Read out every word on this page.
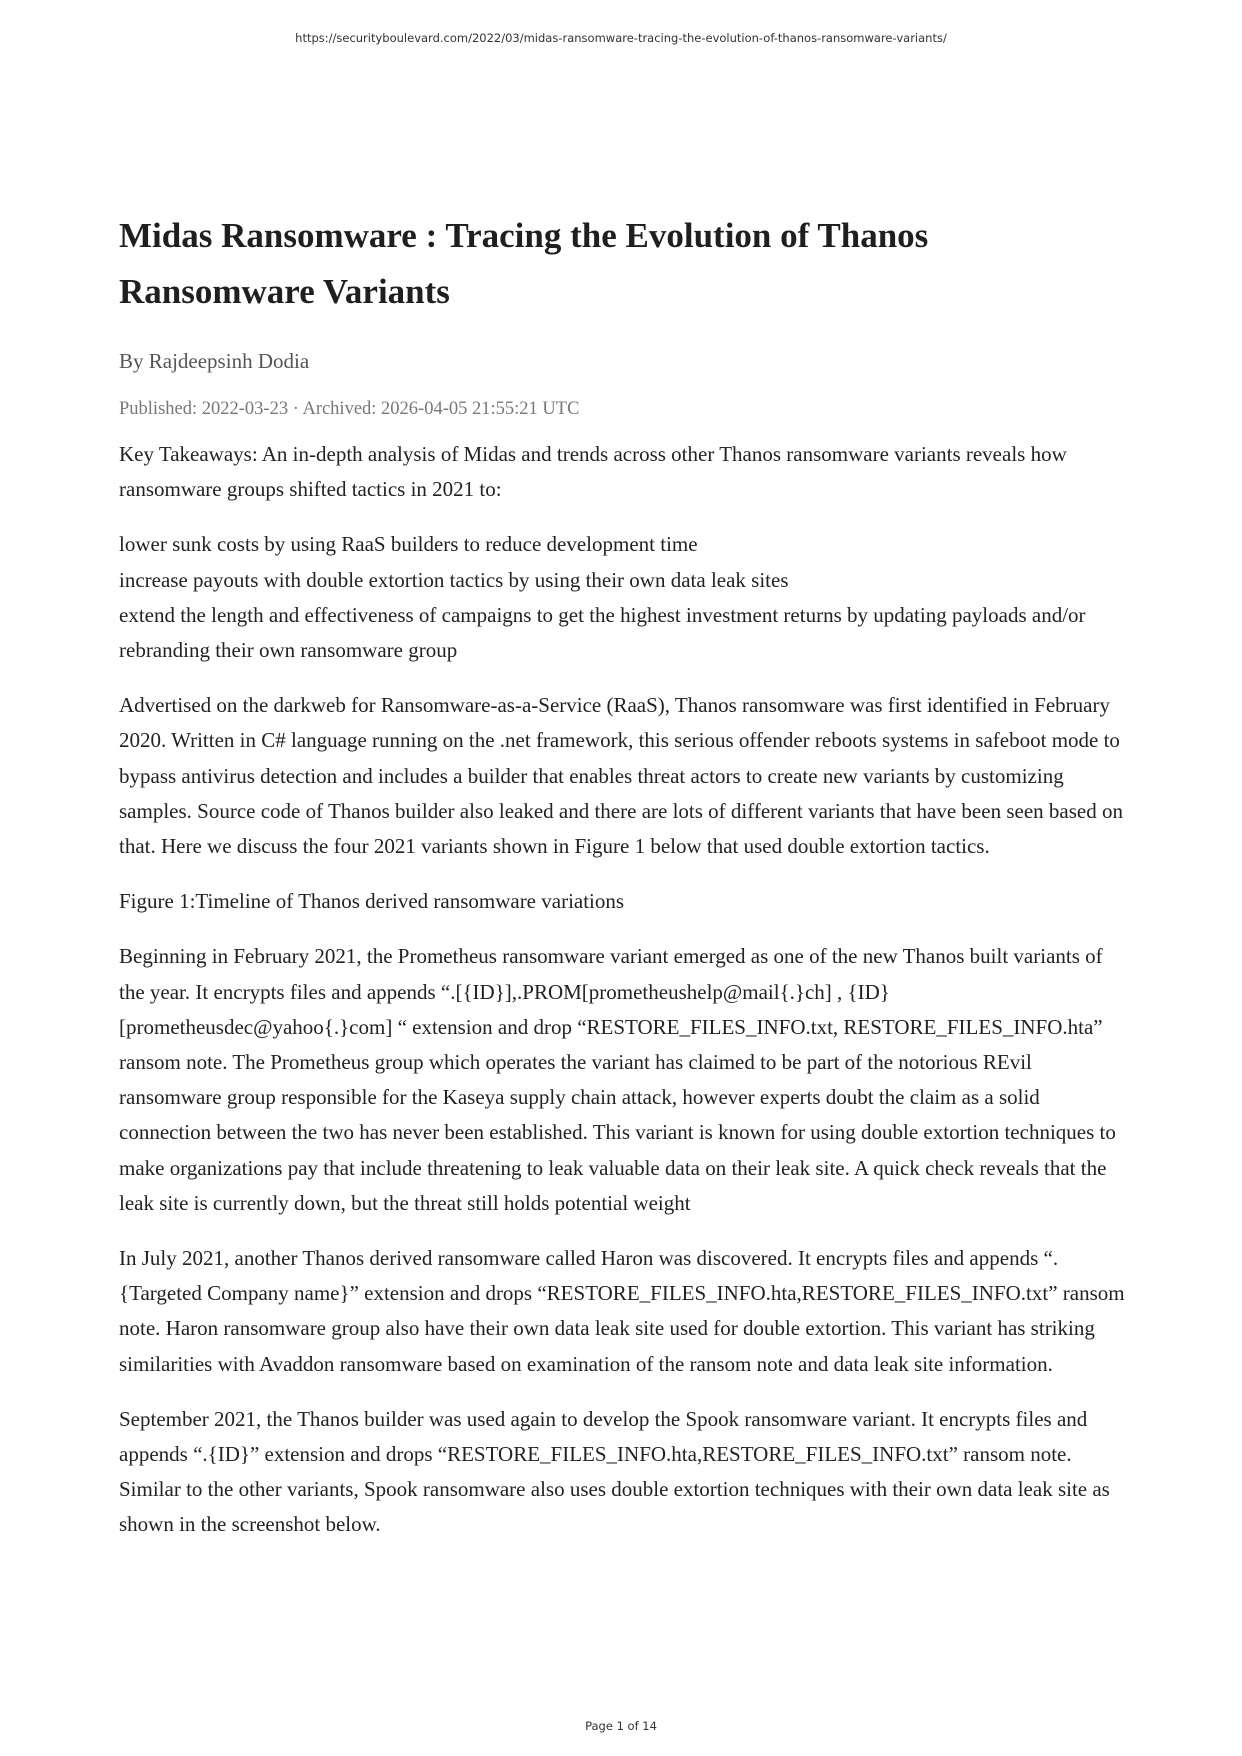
https://securityboulevard.com/2022/03/midas-ransomware-tracing-the-evolution-of-thanos-ransomware-variants/
Midas Ransomware : Tracing the Evolution of Thanos
Ransomware Variants

By Rajdeepsinh Dodia

Published: 2022-03-23 · Archived: 2026-04-05 21:55:21 UTC

Key Takeaways: An in-depth analysis of Midas and trends across other Thanos ransomware variants reveals how ransomware groups shifted tactics in 2021 to:

lower sunk costs by using RaaS builders to reduce development time
increase payouts with double extortion tactics by using their own data leak sites
extend the length and effectiveness of campaigns to get the highest investment returns by updating payloads and/or rebranding their own ransomware group

Advertised on the darkweb for Ransomware-as-a-Service (RaaS), Thanos ransomware was first identified in February 2020. Written in C# language running on the .net framework, this serious offender reboots systems in safeboot mode to bypass antivirus detection and includes a builder that enables threat actors to create new variants by customizing samples. Source code of Thanos builder also leaked and there are lots of different variants that have been seen based on that. Here we discuss the four 2021 variants shown in Figure 1 below that used double extortion tactics.

Figure 1:Timeline of Thanos derived ransomware variations

Beginning in February 2021, the Prometheus ransomware variant emerged as one of the new Thanos built variants of the year. It encrypts files and appends “.[{ID}],.PROM[prometheushelp@mail{.}ch] , {ID}[prometheusdec@yahoo{.}com] “ extension and drop “RESTORE_FILES_INFO.txt, RESTORE_FILES_INFO.hta” ransom note. The Prometheus group which operates the variant has claimed to be part of the notorious REvil ransomware group responsible for the Kaseya supply chain attack, however experts doubt the claim as a solid connection between the two has never been established. This variant is known for using double extortion techniques to make organizations pay that include threatening to leak valuable data on their leak site. A quick check reveals that the leak site is currently down, but the threat still holds potential weight

In July 2021, another Thanos derived ransomware called Haron was discovered. It encrypts files and appends “.{Targeted Company name}” extension and drops “RESTORE_FILES_INFO.hta,RESTORE_FILES_INFO.txt” ransom note. Haron ransomware group also have their own data leak site used for double extortion. This variant has striking similarities with Avaddon ransomware based on examination of the ransom note and data leak site information.

September 2021, the Thanos builder was used again to develop the Spook ransomware variant. It encrypts files and appends “.{ID}” extension and drops “RESTORE_FILES_INFO.hta,RESTORE_FILES_INFO.txt” ransom note. Similar to the other variants, Spook ransomware also uses double extortion techniques with their own data leak site as shown in the screenshot below.

Page 1 of 14
